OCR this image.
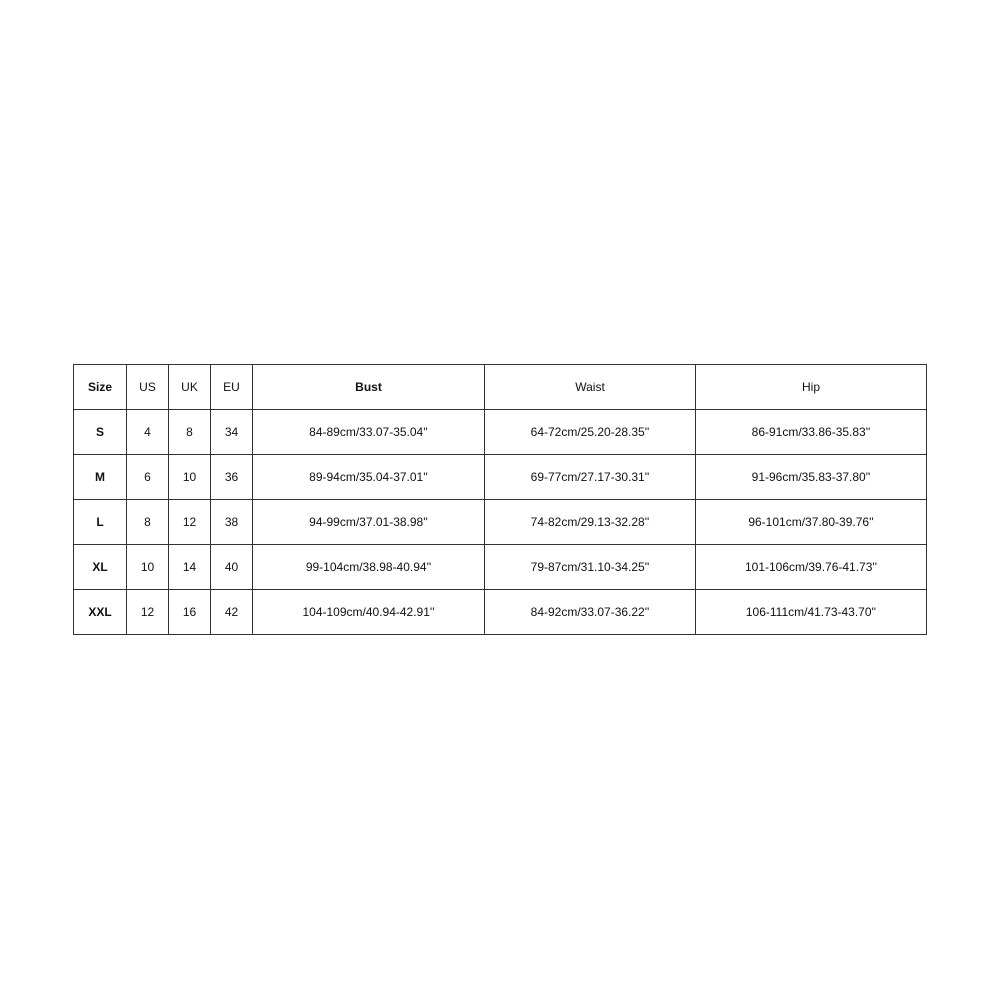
Size	US	UK	EU	Bust	Waist	Hip
S	4	8	34	84-89cm/33.07-35.04''	64-72cm/25.20-28.35''	86-91cm/33.86-35.83''
M	6	10	36	89-94cm/35.04-37.01''	69-77cm/27.17-30.31''	91-96cm/35.83-37.80''
L	8	12	38	94-99cm/37.01-38.98''	74-82cm/29.13-32.28''	96-101cm/37.80-39.76''
XL	10	14	40	99-104cm/38.98-40.94''	79-87cm/31.10-34.25''	101-106cm/39.76-41.73''
XXL	12	16	42	104-109cm/40.94-42.91''	84-92cm/33.07-36.22''	106-111cm/41.73-43.70''
